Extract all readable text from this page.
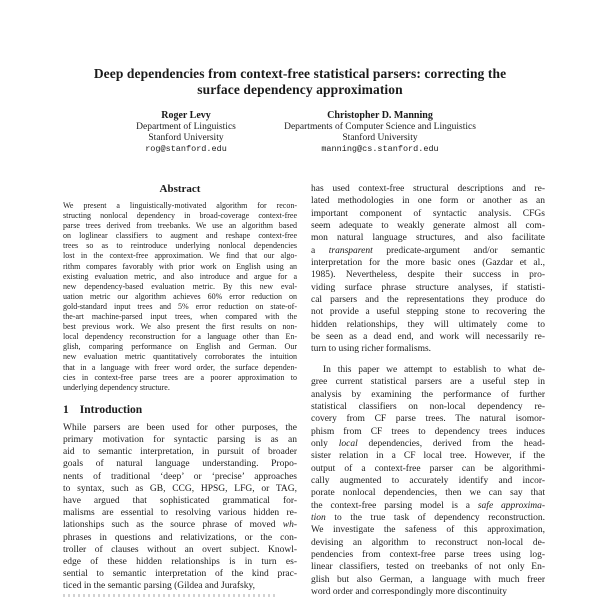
Deep dependencies from context-free statistical parsers: correcting the
surface dependency approximation
Roger Levy
Department of Linguistics
Stanford University
rog@stanford.edu
Christopher D. Manning
Departments of Computer Science and Linguistics
Stanford University
manning@cs.stanford.edu
Abstract
We present a linguistically-motivated algorithm for recon-
structing nonlocal dependency in broad-coverage context-free
parse trees derived from treebanks. We use an algorithm based
on loglinear classifiers to augment and reshape context-free
trees so as to reintroduce underlying nonlocal dependencies
lost in the context-free approximation. We find that our algo-
rithm compares favorably with prior work on English using an
existing evaluation metric, and also introduce and argue for a
new dependency-based evaluation metric. By this new eval-
uation metric our algorithm achieves 60% error reduction on
gold-standard input trees and 5% error reduction on state-of-
the-art machine-parsed input trees, when compared with the
best previous work. We also present the first results on non-
local dependency reconstruction for a language other than En-
glish, comparing performance on English and German. Our
new evaluation metric quantitatively corroborates the intuition
that in a language with freer word order, the surface dependen-
cies in context-free parse trees are a poorer approximation to
underlying dependency structure.
1 Introduction
While parsers are been used for other purposes, the
primary motivation for syntactic parsing is as an
aid to semantic interpretation, in pursuit of broader
goals of natural language understanding. Propo-
nents of traditional ‘deep’ or ‘precise’ approaches
to syntax, such as GB, CCG, HPSG, LFG, or TAG,
have argued that sophisticated grammatical for-
malisms are essential to resolving various hidden re-
lationships such as the source phrase of moved wh-
phrases in questions and relativizations, or the con-
troller of clauses without an overt subject. Knowl-
edge of these hidden relationships is in turn es-
sential to semantic interpretation of the kind prac-
ticed in the semantic parsing (Gildea and Jurafsky,
has used context-free structural descriptions and re-
lated methodologies in one form or another as an
important component of syntactic analysis. CFGs
seem adequate to weakly generate almost all com-
mon natural language structures, and also facilitate
a transparent predicate-argument and/or semantic
interpretation for the more basic ones (Gazdar et al.,
1985). Nevertheless, despite their success in pro-
viding surface phrase structure analyses, if statisti-
cal parsers and the representations they produce do
not provide a useful stepping stone to recovering the
hidden relationships, they will ultimately come to
be seen as a dead end, and work will necessarily re-
turn to using richer formalisms.
In this paper we attempt to establish to what de-
gree current statistical parsers are a useful step in
analysis by examining the performance of further
statistical classifiers on non-local dependency re-
covery from CF parse trees. The natural isomor-
phism from CF trees to dependency trees induces
only local dependencies, derived from the head-
sister relation in a CF local tree. However, if the
output of a context-free parser can be algorithmi-
cally augmented to accurately identify and incor-
porate nonlocal dependencies, then we can say that
the context-free parsing model is a safe approxima-
tion to the true task of dependency reconstruction.
We investigate the safeness of this approximation,
devising an algorithm to reconstruct non-local de-
pendencies from context-free parse trees using log-
linear classifiers, tested on treebanks of not only En-
glish but also German, a language with much freer
word order and correspondingly more discontinuity
